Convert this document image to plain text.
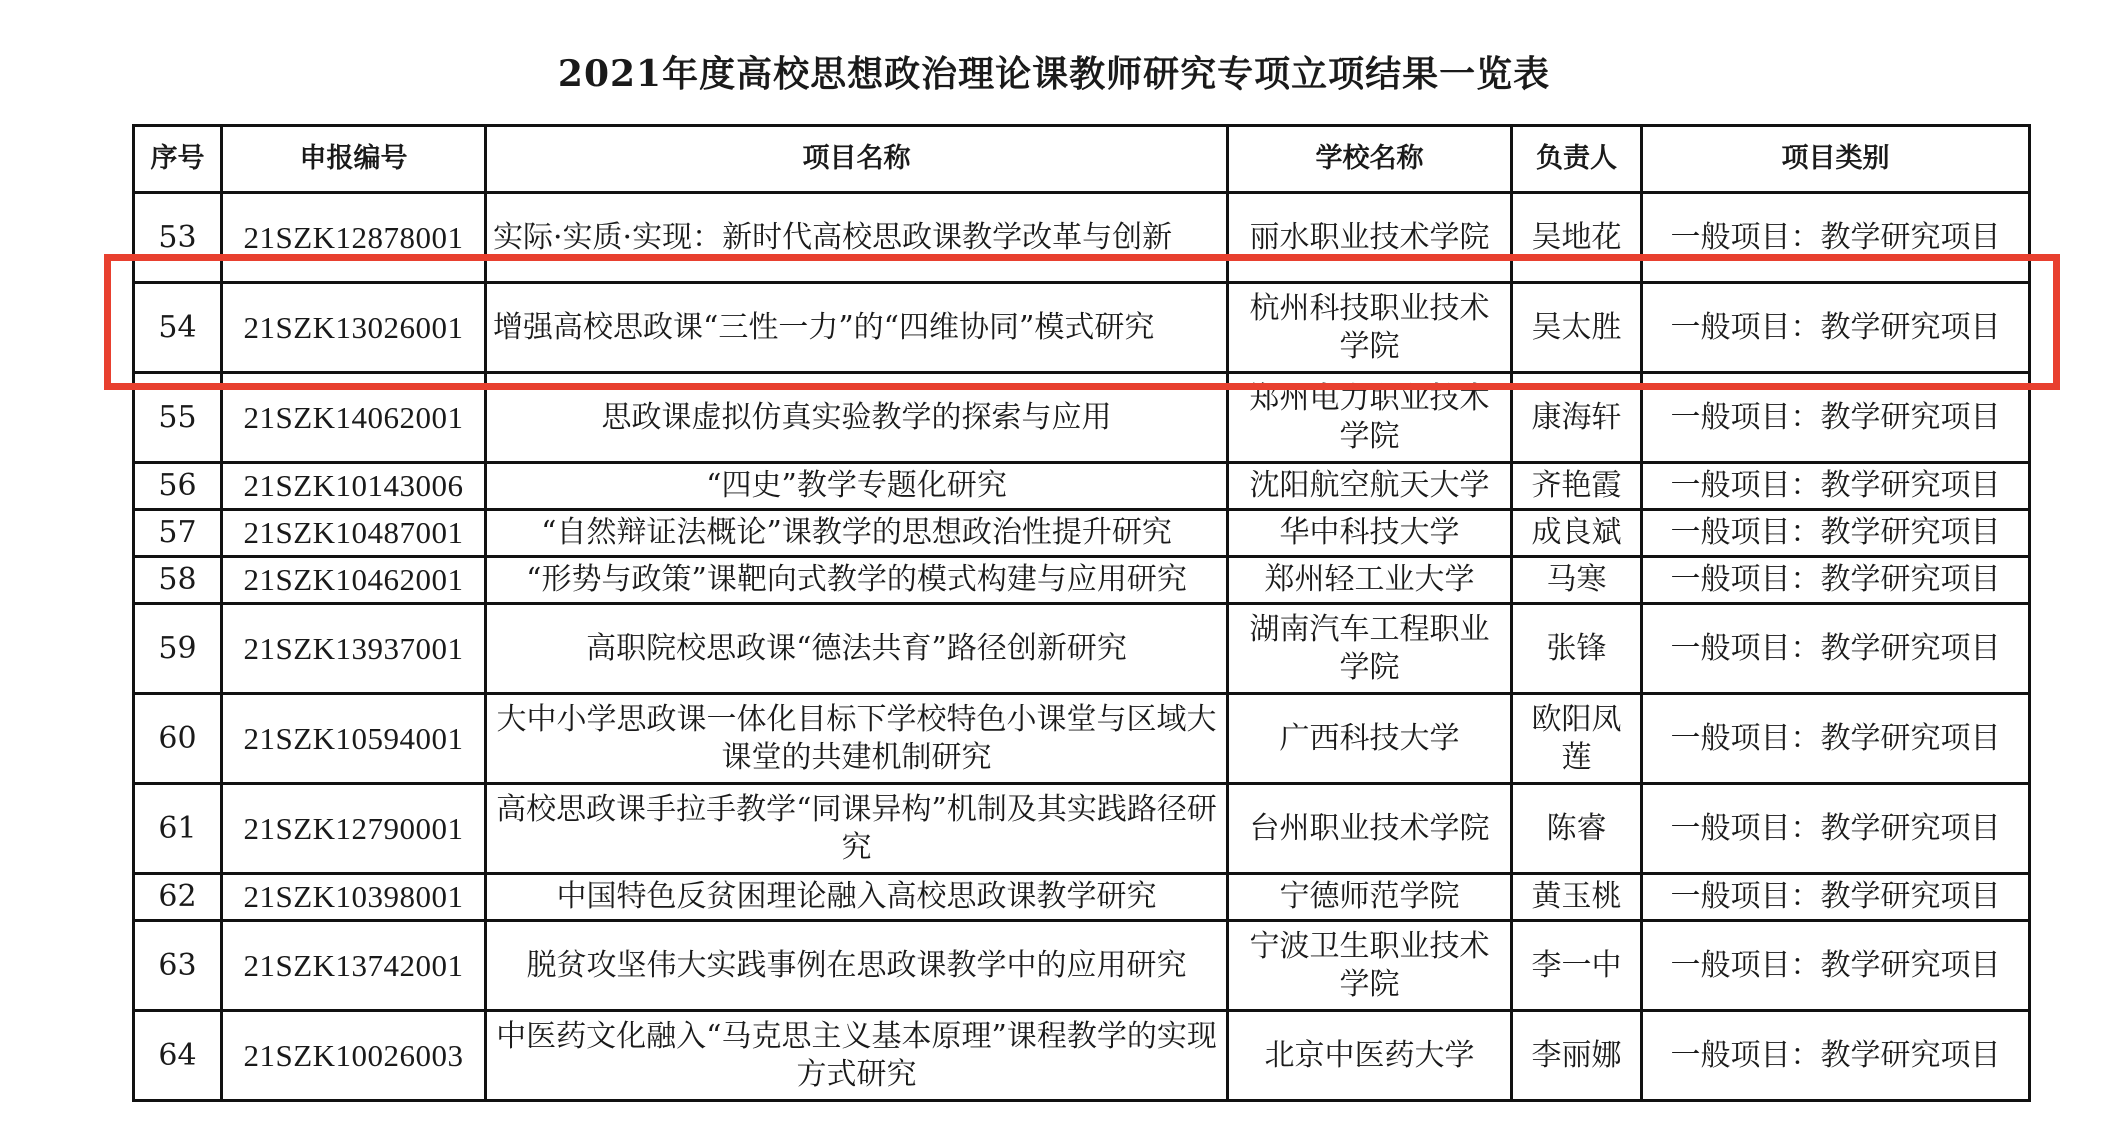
2021年度高校思想政治理论课教师研究专项立项结果一览表
序号	申报编号	项目名称	学校名称	负责人	项目类别
53	21SZK12878001	实际·实质·实现：新时代高校思政课教学改革与创新	丽水职业技术学院	吴地花	一般项目：教学研究项目
54	21SZK13026001	增强高校思政课“三性一力”的“四维协同”模式研究	杭州科技职业技术学院	吴太胜	一般项目：教学研究项目
55	21SZK14062001	思政课虚拟仿真实验教学的探索与应用	郑州电力职业技术学院	康海轩	一般项目：教学研究项目
56	21SZK10143006	“四史”教学专题化研究	沈阳航空航天大学	齐艳霞	一般项目：教学研究项目
57	21SZK10487001	“自然辩证法概论”课教学的思想政治性提升研究	华中科技大学	成良斌	一般项目：教学研究项目
58	21SZK10462001	“形势与政策”课靶向式教学的模式构建与应用研究	郑州轻工业大学	马寒	一般项目：教学研究项目
59	21SZK13937001	高职院校思政课“德法共育”路径创新研究	湖南汽车工程职业学院	张锋	一般项目：教学研究项目
60	21SZK10594001	大中小学思政课一体化目标下学校特色小课堂与区域大课堂的共建机制研究	广西科技大学	欧阳凤莲	一般项目：教学研究项目
61	21SZK12790001	高校思政课手拉手教学“同课异构”机制及其实践路径研究	台州职业技术学院	陈睿	一般项目：教学研究项目
62	21SZK10398001	中国特色反贫困理论融入高校思政课教学研究	宁德师范学院	黄玉桃	一般项目：教学研究项目
63	21SZK13742001	脱贫攻坚伟大实践事例在思政课教学中的应用研究	宁波卫生职业技术学院	李一中	一般项目：教学研究项目
64	21SZK10026003	中医药文化融入“马克思主义基本原理”课程教学的实现方式研究	北京中医药大学	李丽娜	一般项目：教学研究项目
